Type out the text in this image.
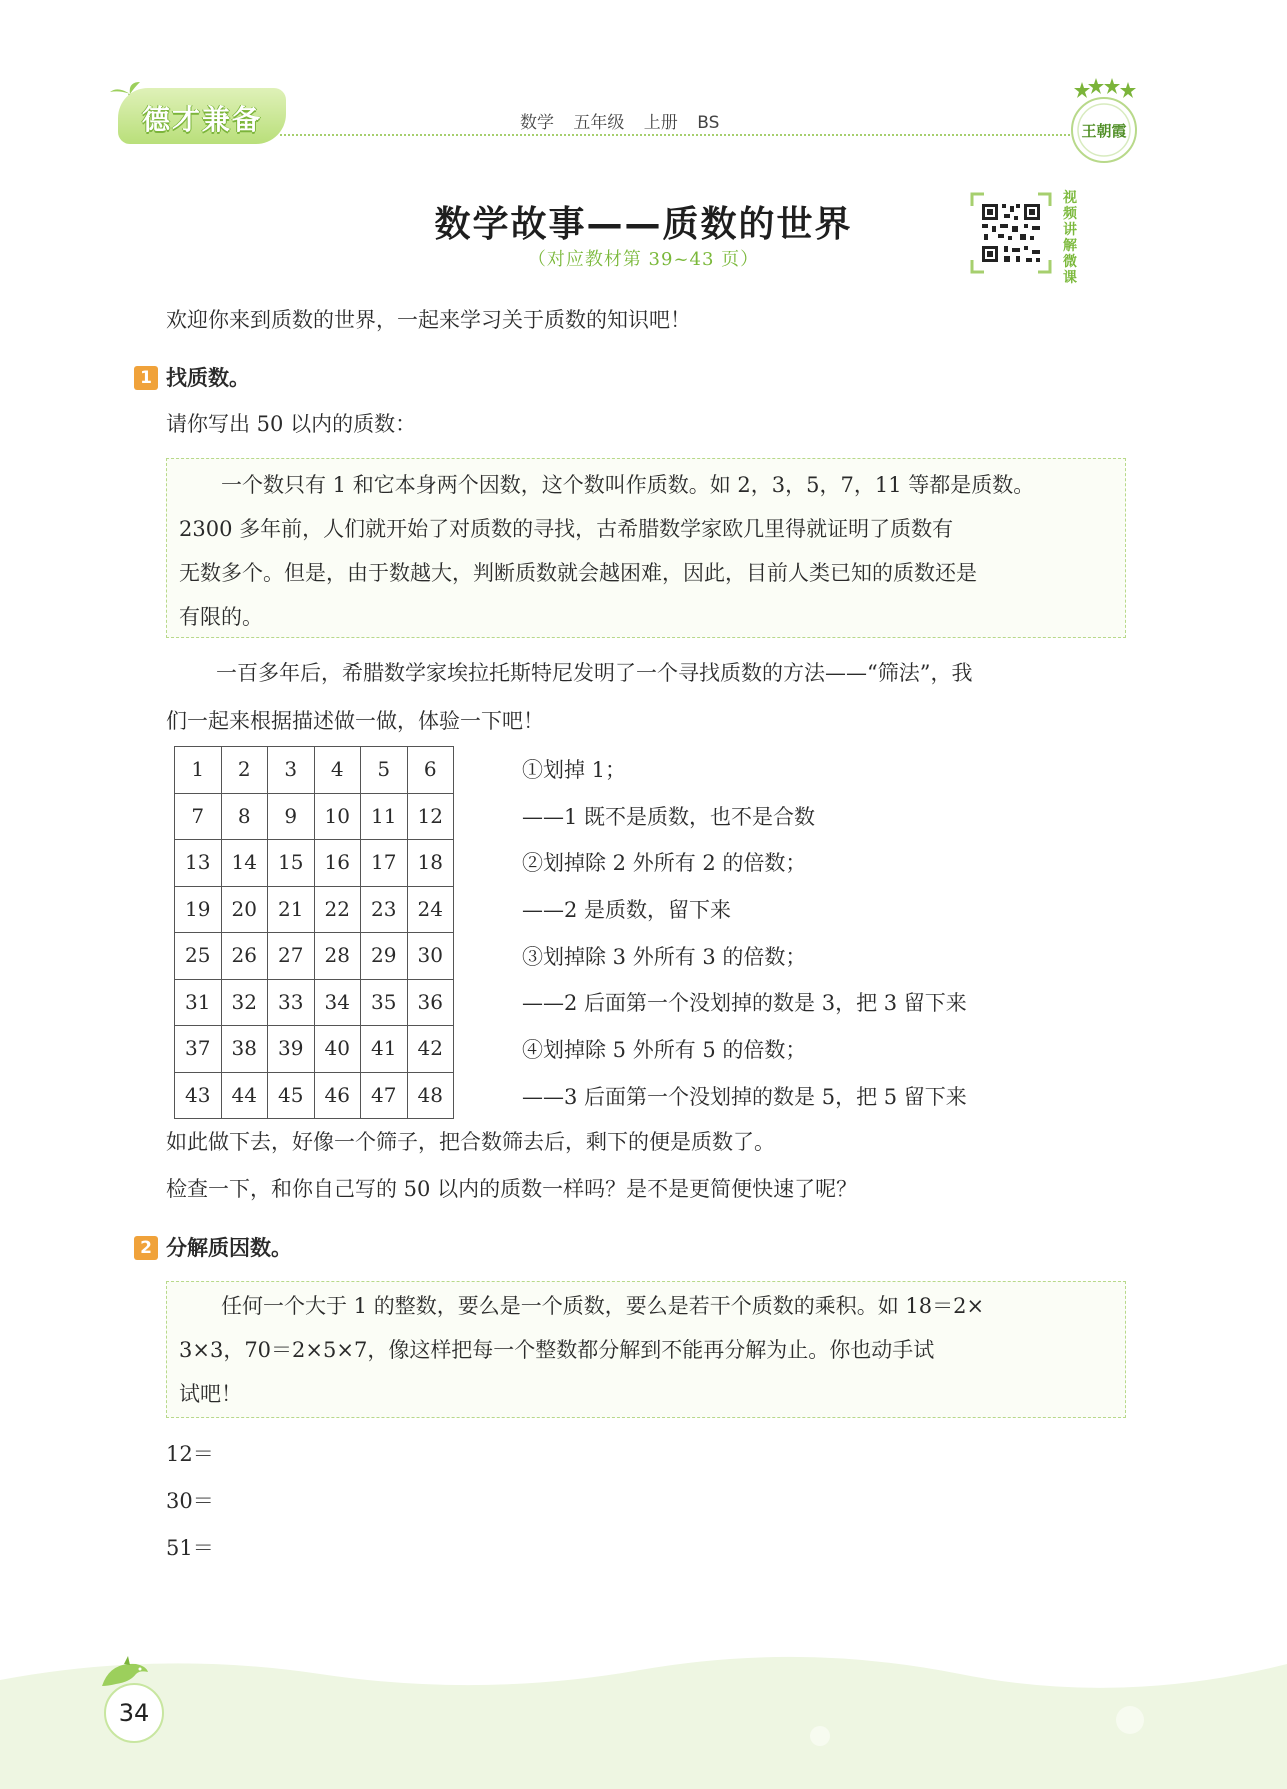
德才兼备	数学 五年级 上册 BS	王朝霞
数学故事——质数的世界
（对应教材第 39~43 页）
视频讲解微课
欢迎你来到质数的世界，一起来学习关于质数的知识吧！
1 找质数。
请你写出 50 以内的质数：
　　一个数只有 1 和它本身两个因数，这个数叫作质数。如 2，3，5，7，11 等都是质数。
2300 多年前，人们就开始了对质数的寻找，古希腊数学家欧几里得就证明了质数有
无数多个。但是，由于数越大，判断质数就会越困难，因此，目前人类已知的质数还是
有限的。
一百多年后，希腊数学家埃拉托斯特尼发明了一个寻找质数的方法——“筛法”，我
们一起来根据描述做一做，体验一下吧！
1	2	3	4	5	6
7	8	9	10	11	12
13	14	15	16	17	18
19	20	21	22	23	24
25	26	27	28	29	30
31	32	33	34	35	36
37	38	39	40	41	42
43	44	45	46	47	48
①划掉 1；
——1 既不是质数，也不是合数
②划掉除 2 外所有 2 的倍数；
——2 是质数，留下来
③划掉除 3 外所有 3 的倍数；
——2 后面第一个没划掉的数是 3，把 3 留下来
④划掉除 5 外所有 5 的倍数；
——3 后面第一个没划掉的数是 5，把 5 留下来
如此做下去，好像一个筛子，把合数筛去后，剩下的便是质数了。
检查一下，和你自己写的 50 以内的质数一样吗？是不是更简便快速了呢？
2 分解质因数。
　　任何一个大于 1 的整数，要么是一个质数，要么是若干个质数的乘积。如 18＝2×
3×3，70＝2×5×7，像这样把每一个整数都分解到不能再分解为止。你也动手试
试吧！
12＝
30＝
51＝
34
